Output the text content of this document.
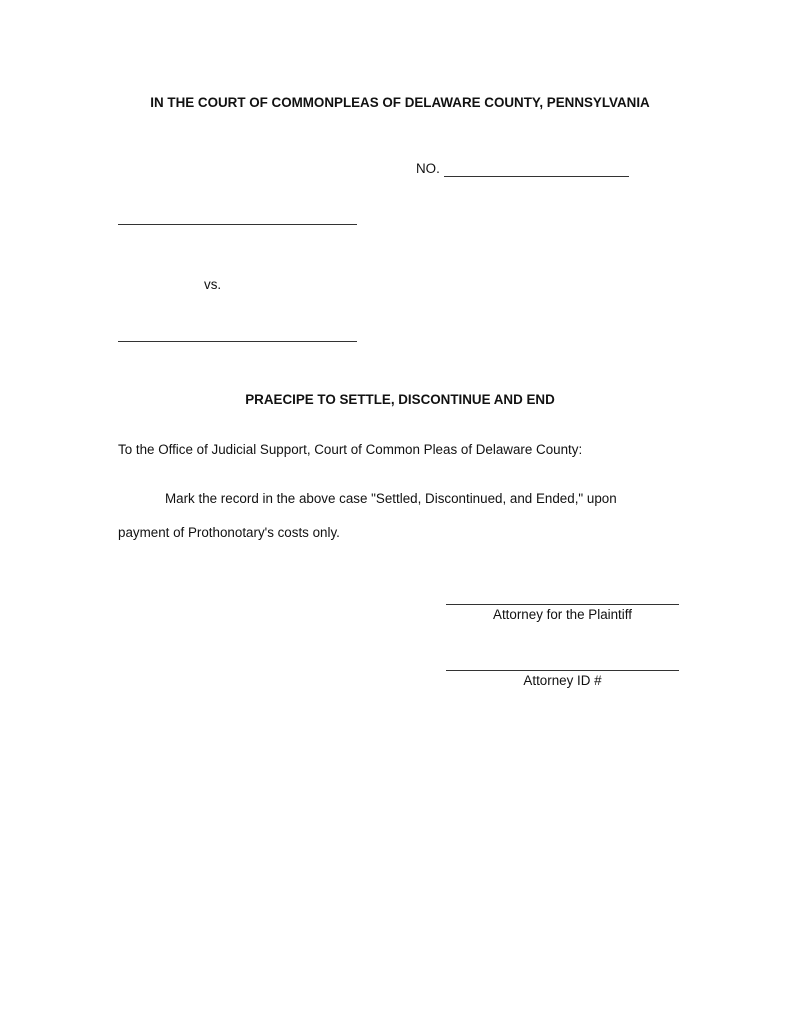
IN THE COURT OF COMMONPLEAS OF DELAWARE COUNTY, PENNSYLVANIA
NO.
vs.
PRAECIPE TO SETTLE, DISCONTINUE AND END
To the Office of Judicial Support, Court of Common Pleas of Delaware County:
Mark the record in the above case "Settled, Discontinued, and Ended," upon
payment of Prothonotary's costs only.
Attorney for the Plaintiff
Attorney ID #
